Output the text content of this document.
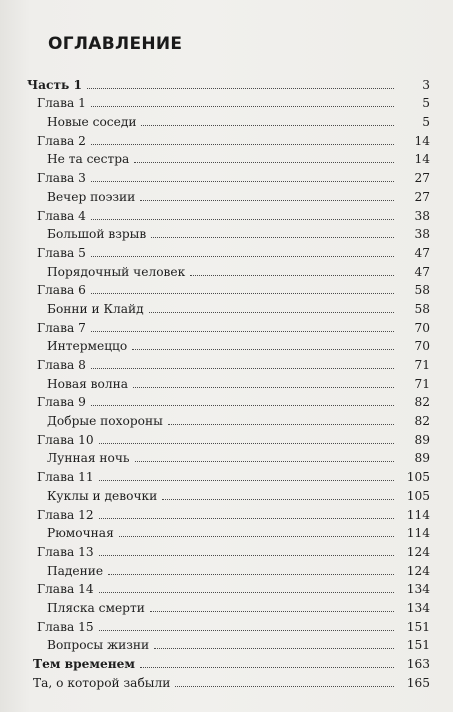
ОГЛАВЛЕНИЕ
Часть 1	3
Глава 1	5
Новые соседи	5
Глава 2	14
Не та сестра	14
Глава 3	27
Вечер поэзии	27
Глава 4	38
Большой взрыв	38
Глава 5	47
Порядочный человек	47
Глава 6	58
Бонни и Клайд	58
Глава 7	70
Интермеццо	70
Глава 8	71
Новая волна	71
Глава 9	82
Добрые похороны	82
Глава 10	89
Лунная ночь	89
Глава 11	105
Куклы и девочки	105
Глава 12	114
Рюмочная	114
Глава 13	124
Падение	124
Глава 14	134
Пляска смерти	134
Глава 15	151
Вопросы жизни	151
Тем временем	163
Та, о которой забыли	165
